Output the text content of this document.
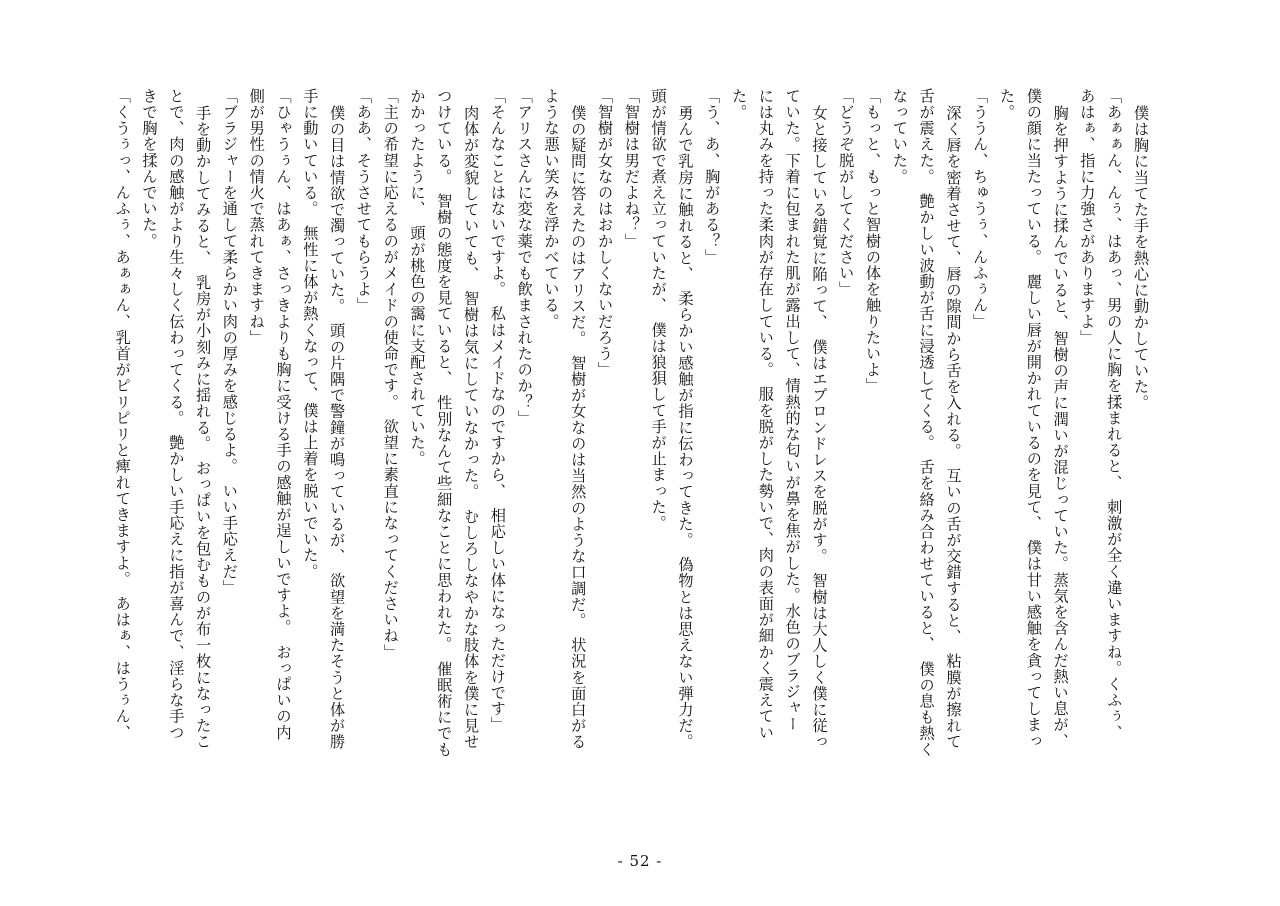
僕は胸に当てた手を熱心に動かしていた。
「あぁぁん、んぅ、はあっ、男の人に胸を揉まれると、　刺激が全く違いますね。くふぅ、
あはぁ、指に力強さがありますよ」
胸を押すように揉んでいると、智樹の声に潤いが混じっていた。蒸気を含んだ熱い息が、
僕の顔に当たっている。　麗しい唇が開かれているのを見て、　僕は甘い感触を貪ってしまっ
た。
「ううん、ちゅうぅ、んふぅん」
深く唇を密着させて、唇の隙間から舌を入れる。　互いの舌が交錯すると、　粘膜が擦れて
舌が震えた。　艶かしい波動が舌に浸透してくる。　舌を絡み合わせていると、　僕の息も熱く
なっていた。
「もっと、もっと智樹の体を触りたいよ」
「どうぞ脱がしてください」
女と接している錯覚に陥って、　僕はエプロンドレスを脱がす。　智樹は大人しく僕に従っ
ていた。下着に包まれた肌が露出して、情熱的な匂いが鼻を焦がした。水色のブラジャー
には丸みを持った柔肉が存在している。　服を脱がした勢いで、肉の表面が細かく震えてい
た。
「う、あ、胸がある？」
勇んで乳房に触れると、　柔らかい感触が指に伝わってきた。　偽物とは思えない弾力だ。
頭が情欲で煮え立っていたが、　僕は狼狽して手が止まった。
「智樹は男だよね？」
「智樹が女なのはおかしくないだろう」
僕の疑問に答えたのはアリスだ。　智樹が女なのは当然のような口調だ。　状況を面白がる
ような悪い笑みを浮かべている。
「アリスさんに変な薬でも飲まされたのか？」
「そんなことはないですよ。　私はメイドなのですから、　相応しい体になっただけです」
肉体が変貌していても、　智樹は気にしていなかった。　むしろしなやかな肢体を僕に見せ
つけている。　智樹の態度を見ていると、　性別なんて些細なことに思われた。　催眠術にでも
かかったように、　頭が桃色の靄に支配されていた。
「主の希望に応えるのがメイドの使命です。　欲望に素直になってくださいね」
「ああ、そうさせてもらうよ」
僕の目は情欲で濁っていた。　頭の片隅で警鐘が鳴っているが、　欲望を満たそうと体が勝
手に動いている。　無性に体が熱くなって、僕は上着を脱いでいた。
「ひゃうぅん、はあぁ、さっきよりも胸に受ける手の感触が逞しいですよ。　おっぱいの内
側が男性の情火で蒸れてきますね」
「ブラジャーを通して柔らかい肉の厚みを感じるよ。　いい手応えだ」
手を動かしてみると、　乳房が小刻みに揺れる。　おっぱいを包むものが布一枚になったこ
とで、肉の感触がより生々しく伝わってくる。　艶かしい手応えに指が喜んで、淫らな手つ
きで胸を揉んでいた。
「くうぅっ、んふぅ、あぁぁん、乳首がピリピリと痺れてきますよ。　あはぁ、はうぅん、
- 52 -
